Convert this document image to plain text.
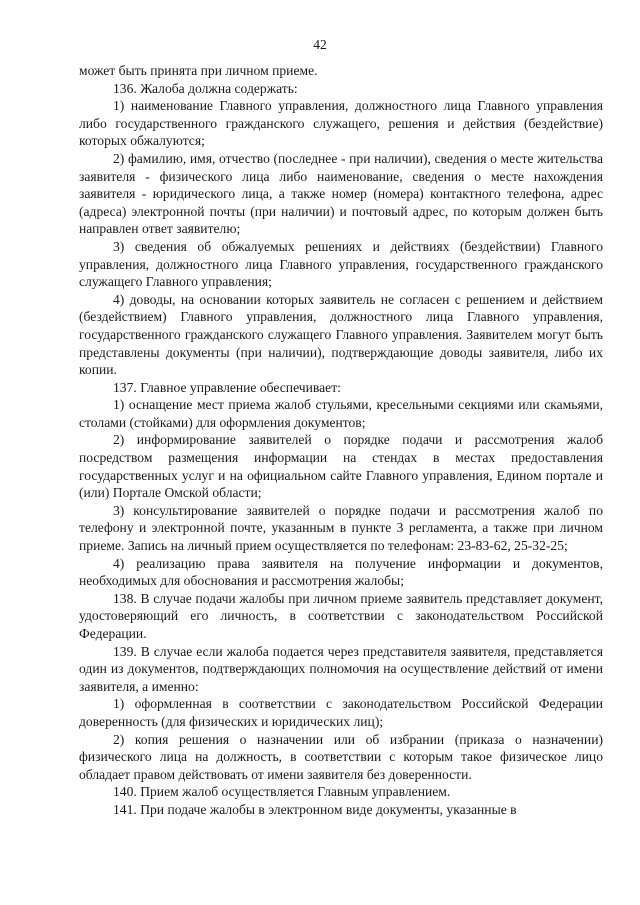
42

может быть принята при личном приеме.

136. Жалоба должна содержать:

1) наименование Главного управления, должностного лица Главного управления либо государственного гражданского служащего, решения и действия (бездействие) которых обжалуются;

2) фамилию, имя, отчество (последнее - при наличии), сведения о месте жительства заявителя - физического лица либо наименование, сведения о месте нахождения заявителя - юридического лица, а также номер (номера) контактного телефона, адрес (адреса) электронной почты (при наличии) и почтовый адрес, по которым должен быть направлен ответ заявителю;

3) сведения об обжалуемых решениях и действиях (бездействии) Главного управления, должностного лица Главного управления, государственного гражданского служащего Главного управления;

4) доводы, на основании которых заявитель не согласен с решением и действием (бездействием) Главного управления, должностного лица Главного управления, государственного гражданского служащего Главного управления. Заявителем могут быть представлены документы (при наличии), подтверждающие доводы заявителя, либо их копии.

137. Главное управление обеспечивает:

1) оснащение мест приема жалоб стульями, кресельными секциями или скамьями, столами (стойками) для оформления документов;

2) информирование заявителей о порядке подачи и рассмотрения жалоб посредством размещения информации на стендах в местах предоставления государственных услуг и на официальном сайте Главного управления, Едином портале и (или) Портале Омской области;

3) консультирование заявителей о порядке подачи и рассмотрения жалоб по телефону и электронной почте, указанным в пункте 3 регламента, а также при личном приеме. Запись на личный прием осуществляется по телефонам: 23-83-62, 25-32-25;

4) реализацию права заявителя на получение информации и документов, необходимых для обоснования и рассмотрения жалобы;

138. В случае подачи жалобы при личном приеме заявитель представляет документ, удостоверяющий его личность, в соответствии с законодательством Российской Федерации.

139. В случае если жалоба подается через представителя заявителя, представляется один из документов, подтверждающих полномочия на осуществление действий от имени заявителя, а именно:

1) оформленная в соответствии с законодательством Российской Федерации доверенность (для физических и юридических лиц);

2) копия решения о назначении или об избрании (приказа о назначении) физического лица на должность, в соответствии с которым такое физическое лицо обладает правом действовать от имени заявителя без доверенности.

140. Прием жалоб осуществляется Главным управлением.

141. При подаче жалобы в электронном виде документы, указанные в
